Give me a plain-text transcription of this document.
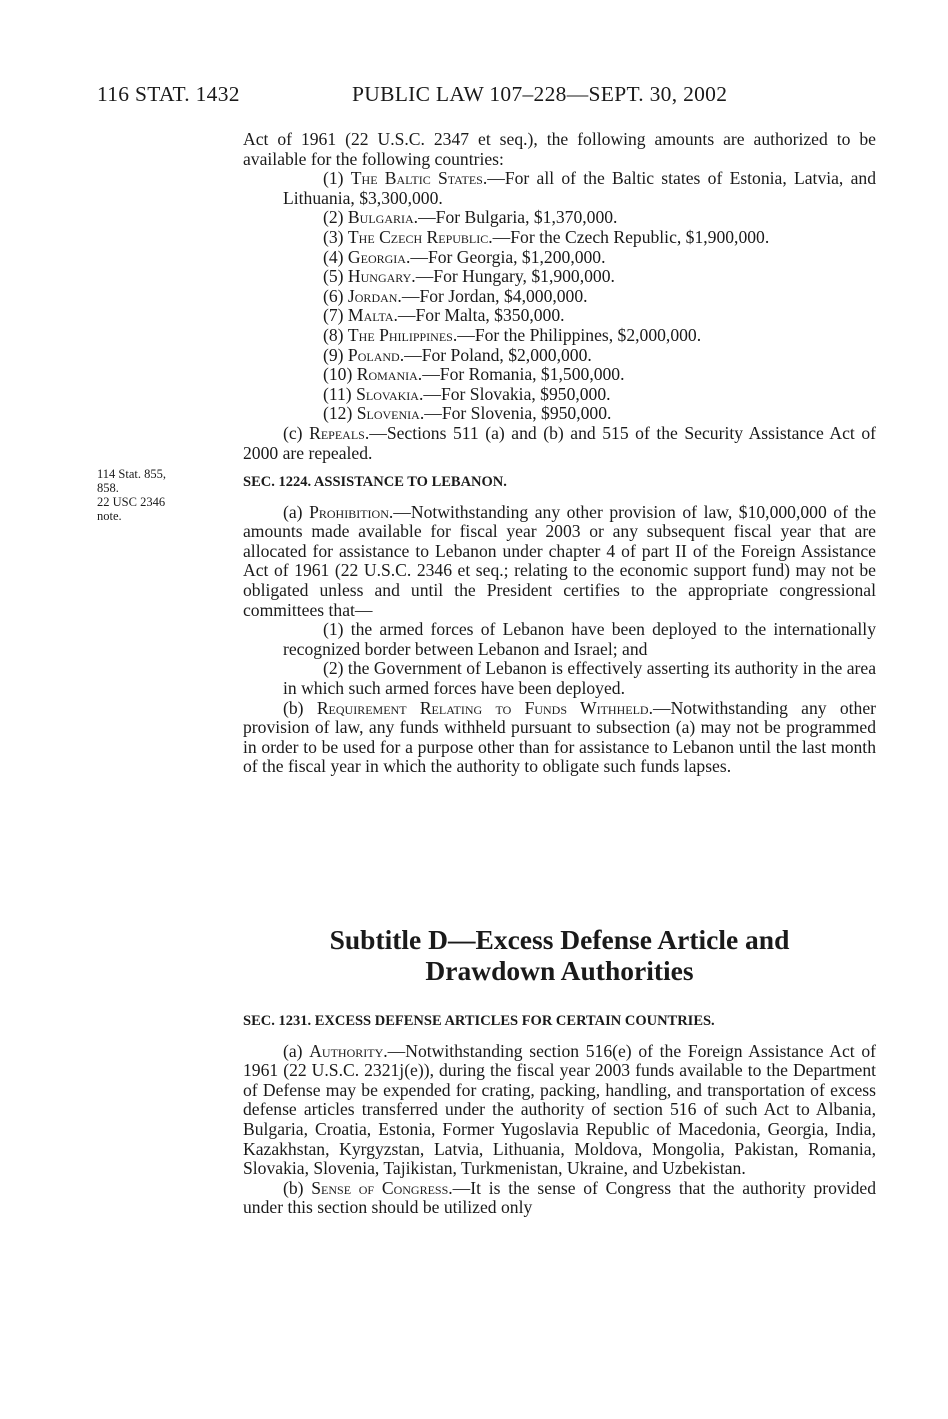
116 STAT. 1432	PUBLIC LAW 107–228—SEPT. 30, 2002
114 Stat. 855,
858.
22 USC 2346
note.

Act of 1961 (22 U.S.C. 2347 et seq.), the following amounts are authorized to be available for the following countries:

(1) The Baltic States.—For all of the Baltic states of Estonia, Latvia, and Lithuania, $3,300,000.

(2) Bulgaria.—For Bulgaria, $1,370,000.

(3) The Czech Republic.—For the Czech Republic, $1,900,000.

(4) Georgia.—For Georgia, $1,200,000.

(5) Hungary.—For Hungary, $1,900,000.

(6) Jordan.—For Jordan, $4,000,000.

(7) Malta.—For Malta, $350,000.

(8) The Philippines.—For the Philippines, $2,000,000.

(9) Poland.—For Poland, $2,000,000.

(10) Romania.—For Romania, $1,500,000.

(11) Slovakia.—For Slovakia, $950,000.

(12) Slovenia.—For Slovenia, $950,000.

(c) Repeals.—Sections 511 (a) and (b) and 515 of the Security Assistance Act of 2000 are repealed.

SEC. 1224. ASSISTANCE TO LEBANON.

(a) Prohibition.—Notwithstanding any other provision of law, $10,000,000 of the amounts made available for fiscal year 2003 or any subsequent fiscal year that are allocated for assistance to Lebanon under chapter 4 of part II of the Foreign Assistance Act of 1961 (22 U.S.C. 2346 et seq.; relating to the economic support fund) may not be obligated unless and until the President certifies to the appropriate congressional committees that—

(1) the armed forces of Lebanon have been deployed to the internationally recognized border between Lebanon and Israel; and

(2) the Government of Lebanon is effectively asserting its authority in the area in which such armed forces have been deployed.

(b) Requirement Relating to Funds Withheld.—Notwithstanding any other provision of law, any funds withheld pursuant to subsection (a) may not be programmed in order to be used for a purpose other than for assistance to Lebanon until the last month of the fiscal year in which the authority to obligate such funds lapses.

Subtitle D—Excess Defense Article and
Drawdown Authorities

SEC. 1231. EXCESS DEFENSE ARTICLES FOR CERTAIN COUNTRIES.

(a) Authority.—Notwithstanding section 516(e) of the Foreign Assistance Act of 1961 (22 U.S.C. 2321j(e)), during the fiscal year 2003 funds available to the Department of Defense may be expended for crating, packing, handling, and transportation of excess defense articles transferred under the authority of section 516 of such Act to Albania, Bulgaria, Croatia, Estonia, Former Yugoslavia Republic of Macedonia, Georgia, India, Kazakhstan, Kyrgyzstan, Latvia, Lithuania, Moldova, Mongolia, Pakistan, Romania, Slovakia, Slovenia, Tajikistan, Turkmenistan, Ukraine, and Uzbekistan.

(b) Sense of Congress.—It is the sense of Congress that the authority provided under this section should be utilized only
